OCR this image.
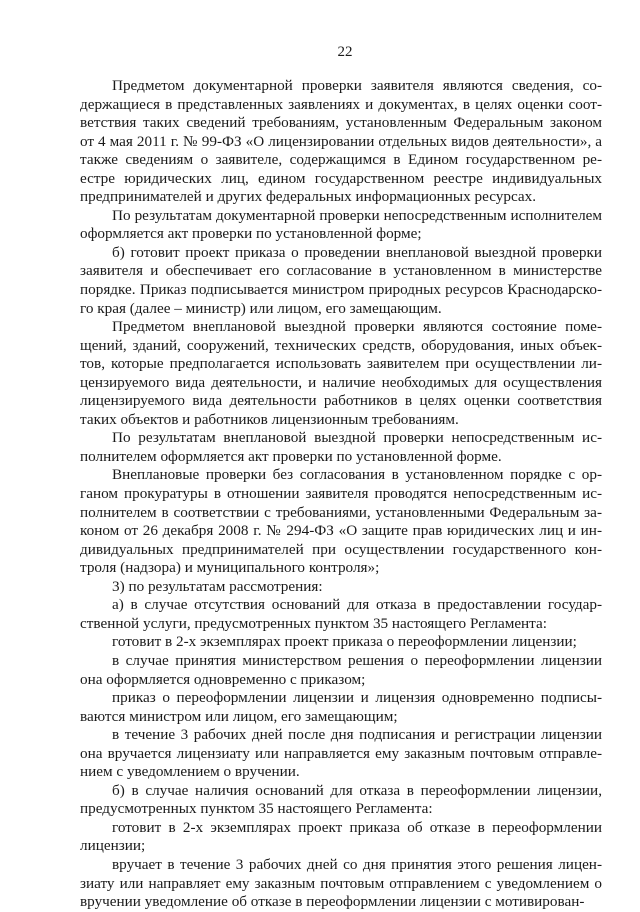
22

Предметом документарной проверки заявителя являются сведения, содержащиеся в представленных заявлениях и документах, в целях оценки соответствия таких сведений требованиям, установленным Федеральным законом от 4 мая 2011 г. № 99-ФЗ «О лицензировании отдельных видов деятельности», а также сведениям о заявителе, содержащимся в Едином государственном реестре юридических лиц, едином государственном реестре индивидуальных предпринимателей и других федеральных информационных ресурсах.

По результатам документарной проверки непосредственным исполнителем оформляется акт проверки по установленной форме;

б) готовит проект приказа о проведении внеплановой выездной проверки заявителя и обеспечивает его согласование в установленном в министерстве порядке. Приказ подписывается министром природных ресурсов Краснодарского края (далее – министр) или лицом, его замещающим.

Предметом внеплановой выездной проверки являются состояние помещений, зданий, сооружений, технических средств, оборудования, иных объектов, которые предполагается использовать заявителем при осуществлении лицензируемого вида деятельности, и наличие необходимых для осуществления лицензируемого вида деятельности работников в целях оценки соответствия таких объектов и работников лицензионным требованиям.

По результатам внеплановой выездной проверки непосредственным исполнителем оформляется акт проверки по установленной форме.

Внеплановые проверки без согласования в установленном порядке с органом прокуратуры в отношении заявителя проводятся непосредственным исполнителем в соответствии с требованиями, установленными Федеральным законом от 26 декабря 2008 г. № 294-ФЗ «О защите прав юридических лиц и индивидуальных предпринимателей при осуществлении государственного контроля (надзора) и муниципального контроля»;

3) по результатам рассмотрения:

а) в случае отсутствия оснований для отказа в предоставлении государственной услуги, предусмотренных пунктом 35 настоящего Регламента:

готовит в 2-х экземплярах проект приказа о переоформлении лицензии;

в случае принятия министерством решения о переоформлении лицензии она оформляется одновременно с приказом;

приказ о переоформлении лицензии и лицензия одновременно подписываются министром или лицом, его замещающим;

в течение 3 рабочих дней после дня подписания и регистрации лицензии она вручается лицензиату или направляется ему заказным почтовым отправлением с уведомлением о вручении.

б) в случае наличия оснований для отказа в переоформлении лицензии, предусмотренных пунктом 35 настоящего Регламента:

готовит в 2-х экземплярах проект приказа об отказе в переоформлении лицензии;

вручает в течение 3 рабочих дней со дня принятия этого решения лицензиату или направляет ему заказным почтовым отправлением с уведомлением о вручении уведомление об отказе в переоформлении лицензии с мотивирован-
